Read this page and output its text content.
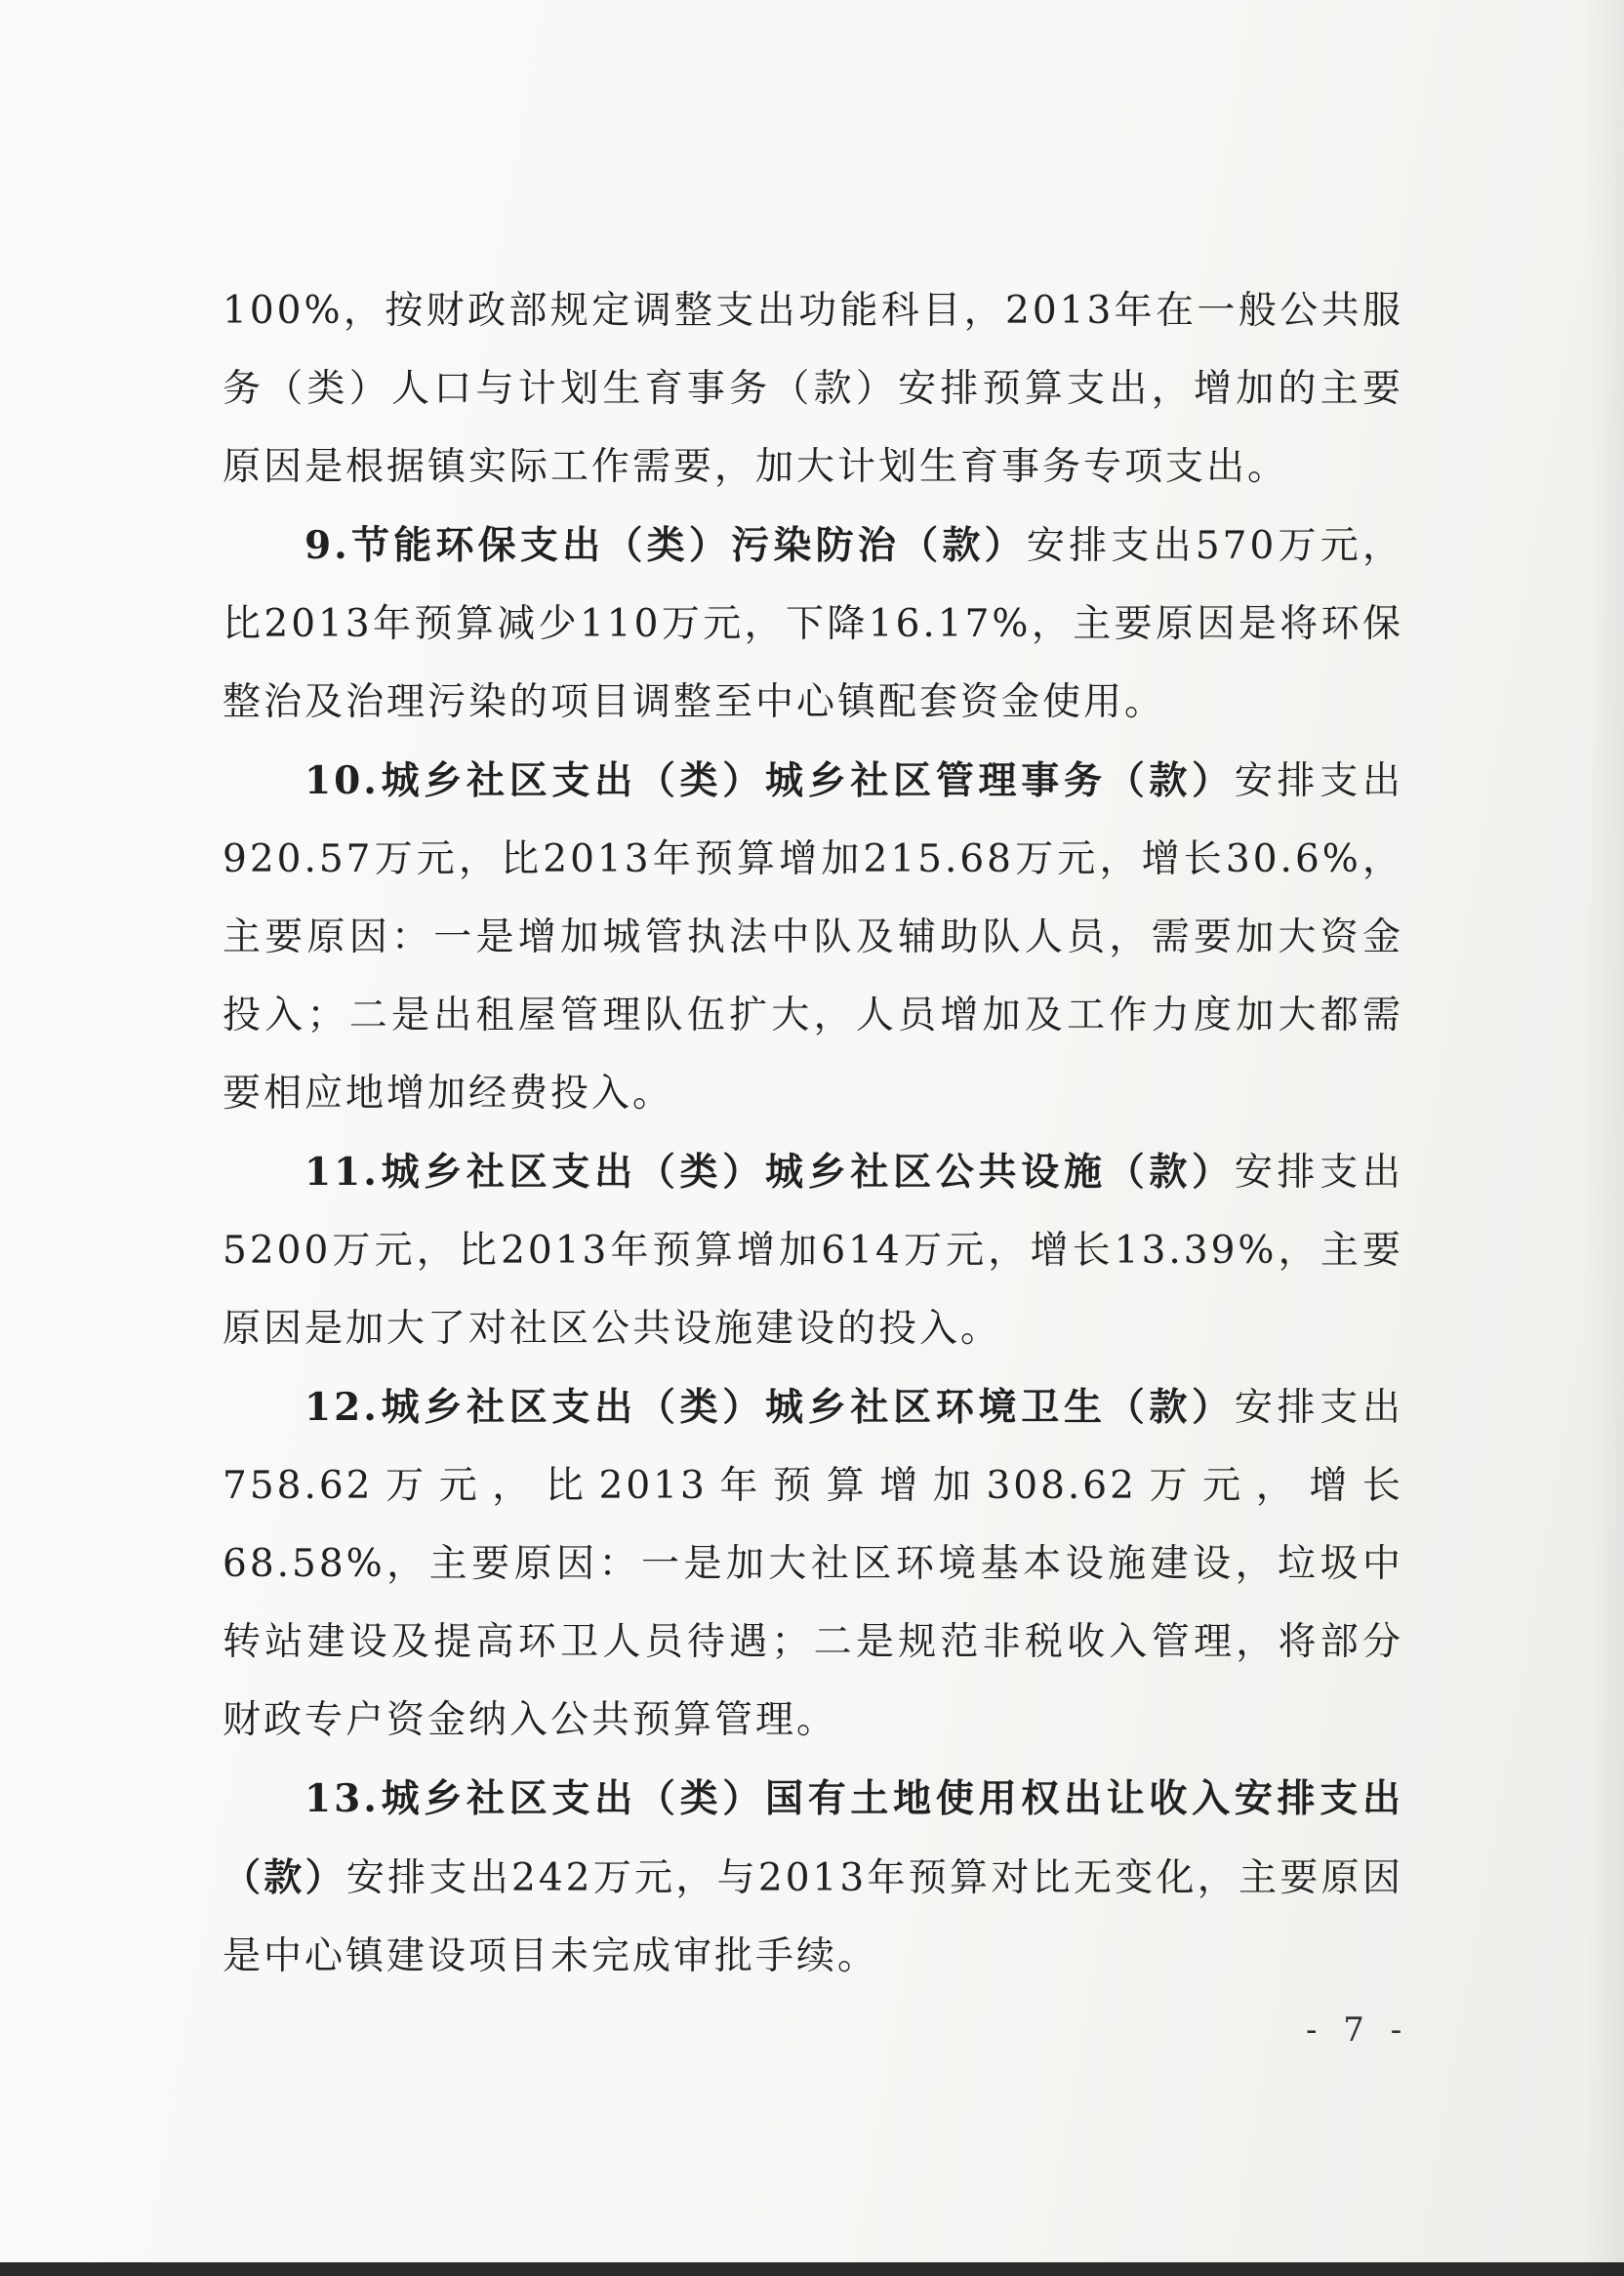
100%，按财政部规定调整支出功能科目，2013年在一般公共服务（类）人口与计划生育事务（款）安排预算支出，增加的主要原因是根据镇实际工作需要，加大计划生育事务专项支出。

9.节能环保支出（类）污染防治（款）安排支出570万元，比2013年预算减少110万元，下降16.17%，主要原因是将环保整治及治理污染的项目调整至中心镇配套资金使用。

10.城乡社区支出（类）城乡社区管理事务（款）安排支出920.57万元，比2013年预算增加215.68万元，增长30.6%，主要原因：一是增加城管执法中队及辅助队人员，需要加大资金投入；二是出租屋管理队伍扩大，人员增加及工作力度加大都需要相应地增加经费投入。

11.城乡社区支出（类）城乡社区公共设施（款）安排支出5200万元，比2013年预算增加614万元，增长13.39%，主要原因是加大了对社区公共设施建设的投入。

12.城乡社区支出（类）城乡社区环境卫生（款）安排支出758.62万元，比2013年预算增加308.62万元，增长68.58%，主要原因：一是加大社区环境基本设施建设，垃圾中转站建设及提高环卫人员待遇；二是规范非税收入管理，将部分财政专户资金纳入公共预算管理。

13.城乡社区支出（类）国有土地使用权出让收入安排支出（款）安排支出242万元，与2013年预算对比无变化，主要原因是中心镇建设项目未完成审批手续。

- 7 -
